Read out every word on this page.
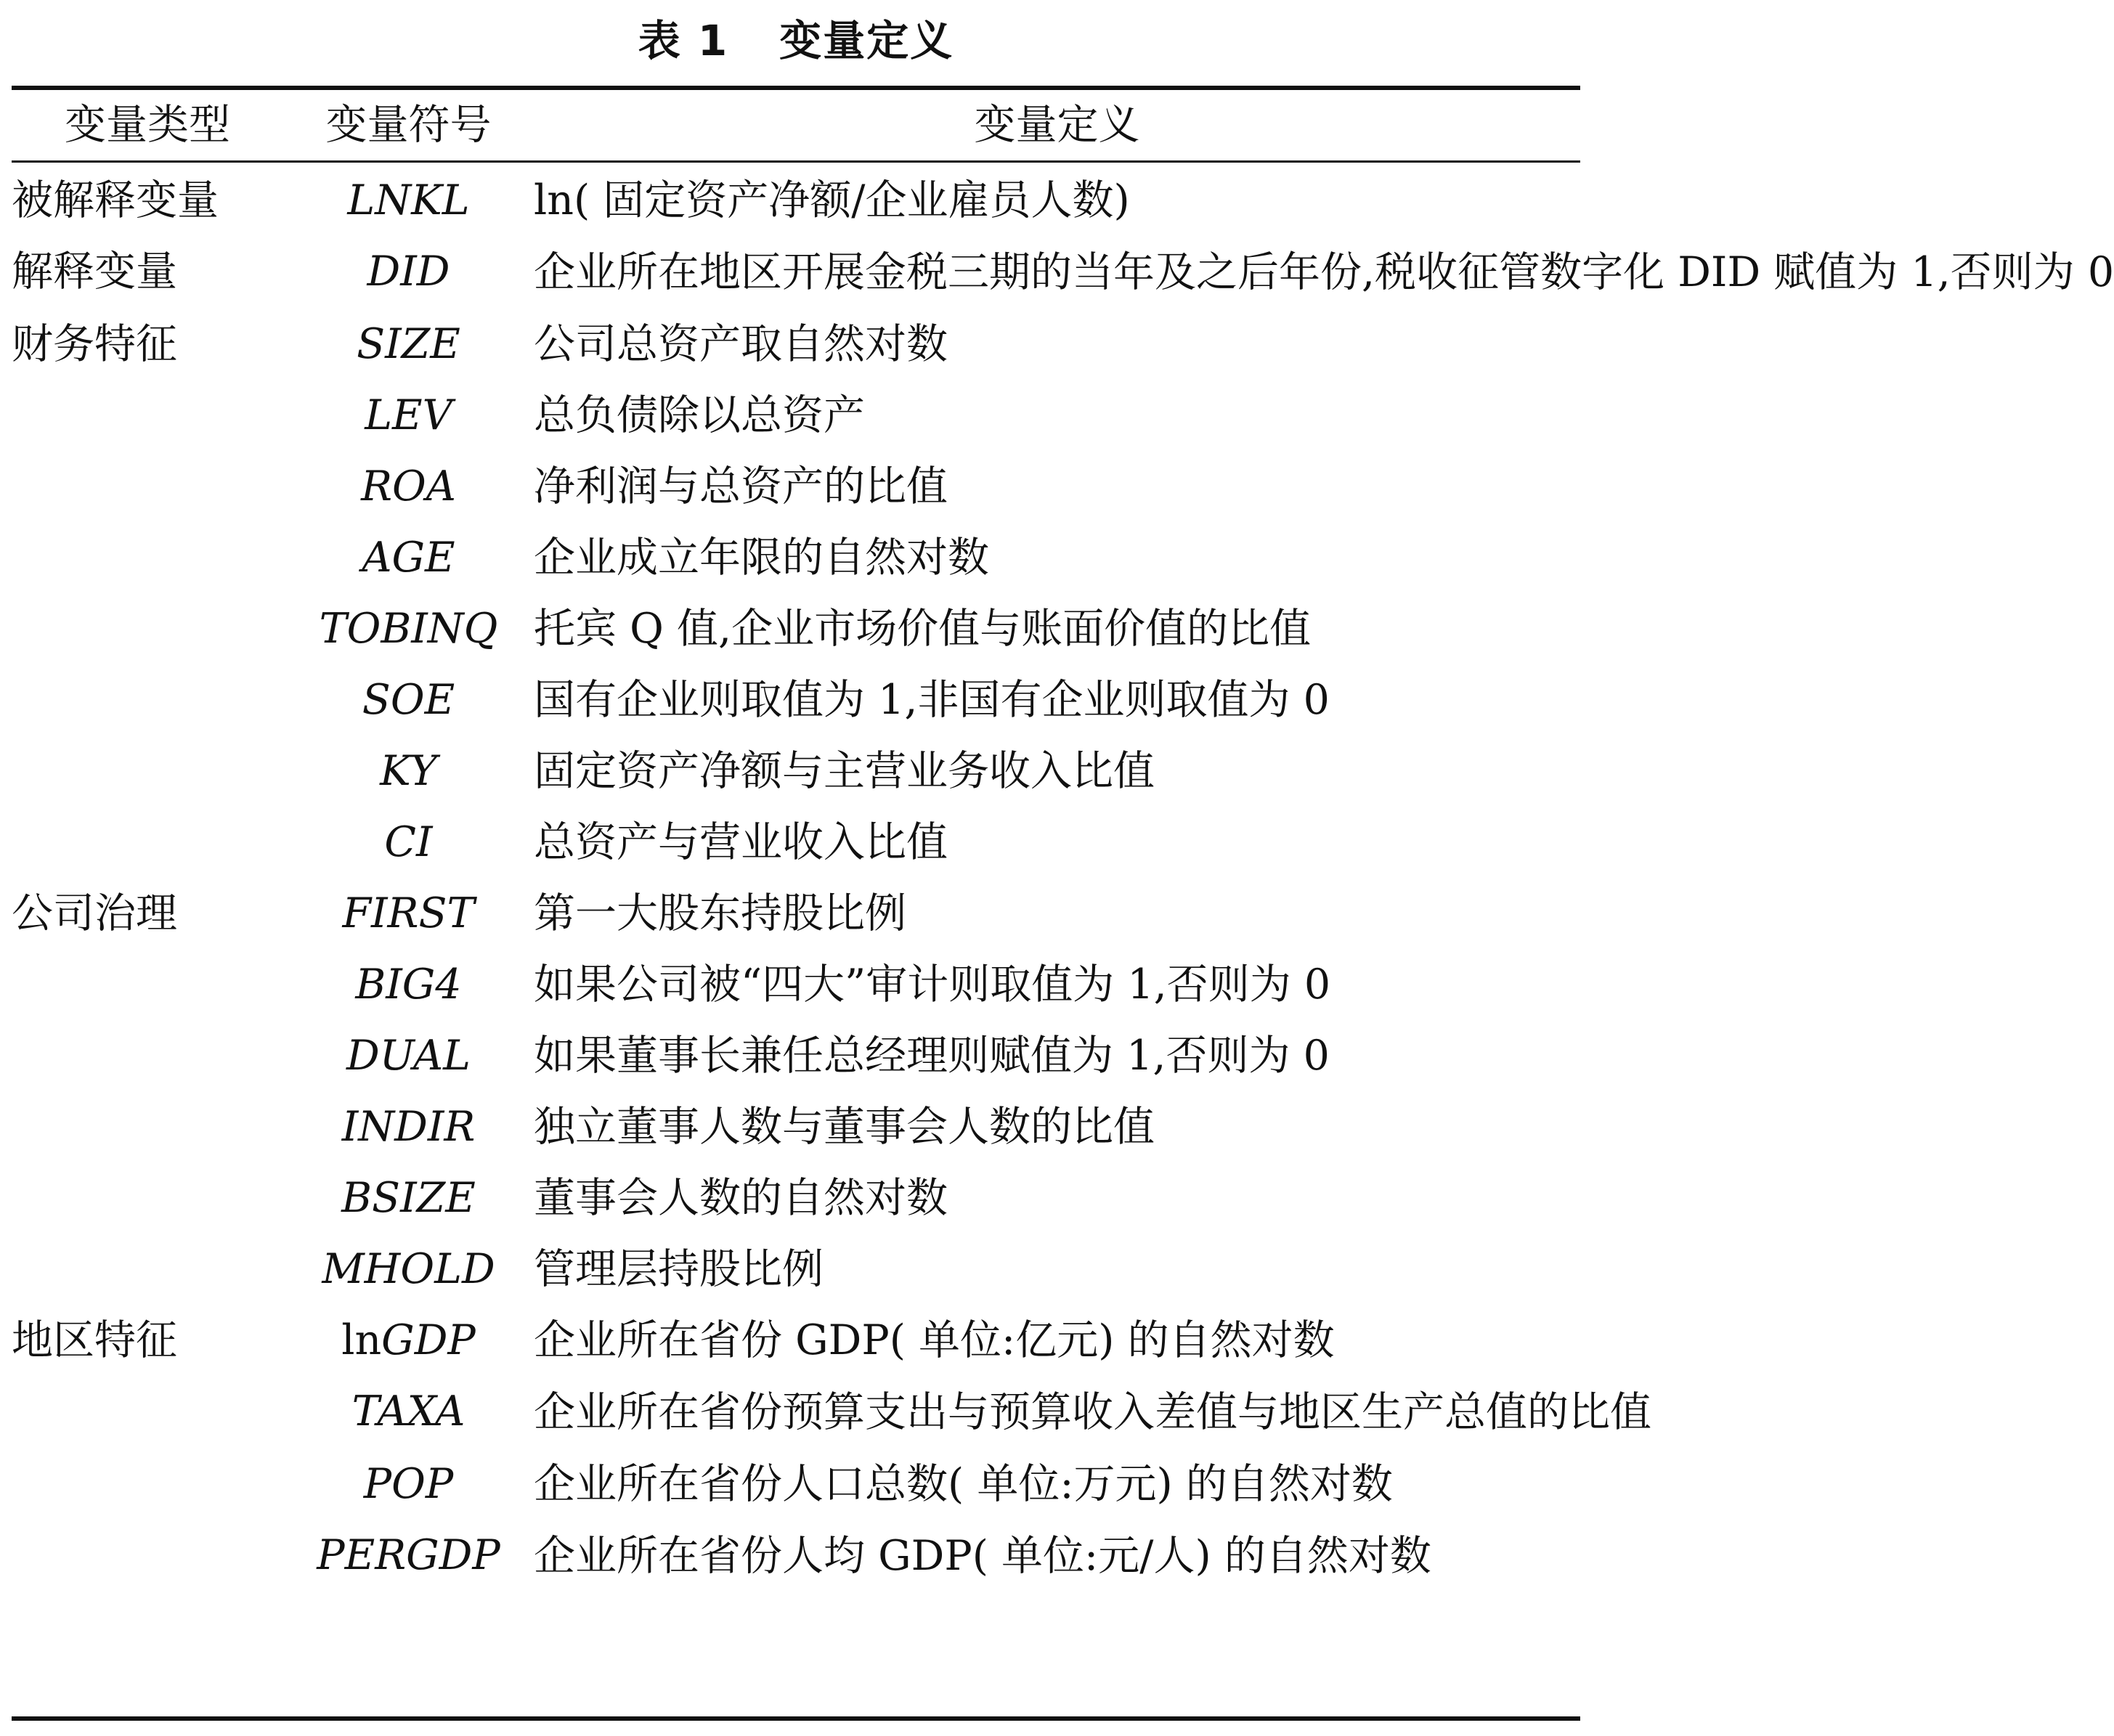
表 1 变量定义
变量类型	变量符号	变量定义
被解释变量	LNKL	ln( 固定资产净额/企业雇员人数)
解释变量	DID	企业所在地区开展金税三期的当年及之后年份,税收征管数字化 DID 赋值为 1,否则为 0
财务特征	SIZE	公司总资产取自然对数
	LEV	总负债除以总资产
	ROA	净利润与总资产的比值
	AGE	企业成立年限的自然对数
	TOBINQ	托宾 Q 值,企业市场价值与账面价值的比值
	SOE	国有企业则取值为 1,非国有企业则取值为 0
	KY	固定资产净额与主营业务收入比值
	CI	总资产与营业收入比值
公司治理	FIRST	第一大股东持股比例
	BIG4	如果公司被“四大”审计则取值为 1,否则为 0
	DUAL	如果董事长兼任总经理则赋值为 1,否则为 0
	INDIR	独立董事人数与董事会人数的比值
	BSIZE	董事会人数的自然对数
	MHOLD	管理层持股比例
地区特征	lnGDP	企业所在省份 GDP( 单位:亿元) 的自然对数
	TAXA	企业所在省份预算支出与预算收入差值与地区生产总值的比值
	POP	企业所在省份人口总数( 单位:万元) 的自然对数
	PERGDP	企业所在省份人均 GDP( 单位:元/人) 的自然对数
